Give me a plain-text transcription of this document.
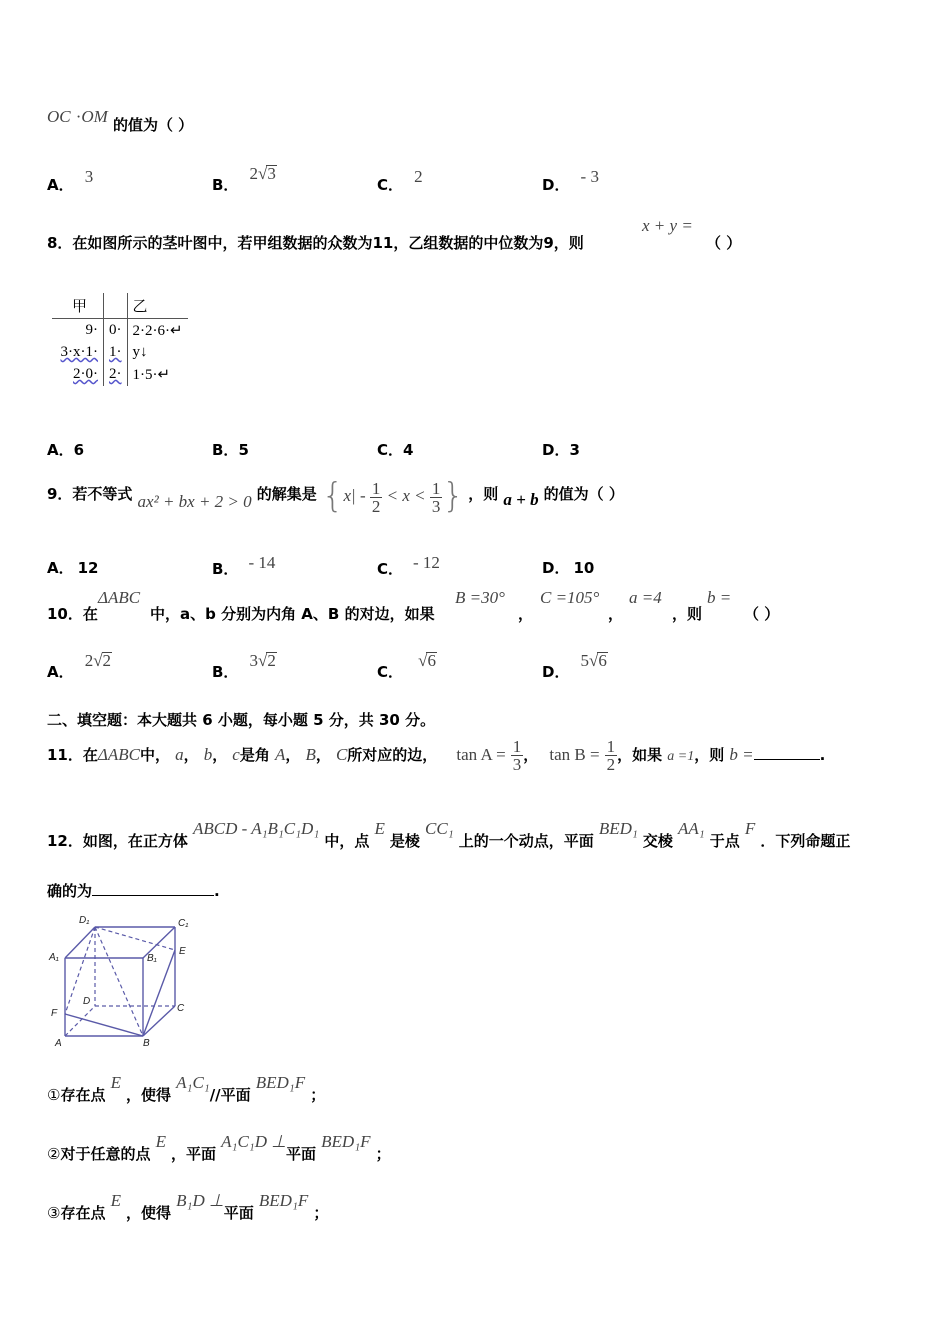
OC ·OM 的值为（ ）
A． 3	B． 2√3
C． 2	D． - 3
8．在如图所示的茎叶图中，若甲组数据的众数为11，乙组数据的中位数为9，则
x + y =
（ ）
甲		乙
9·	0·	2·2·6·↵
3·x·1·	1·	y↓
2·0·	2·	1·5·↵
A．6	B．5	C．4	D．3
9．若不等式 ax² + bx + 2 > 0 的解集是 {$x| - \frac{1}{2} < x < \frac{1}{3}$ } ，则 a + b 的值为（ ）
A． 12	B． - 14	C． - 12	D． 10
10．在
ΔABC
中，a、b 分别为内角 A、B 的对边，如果
B =30°
，
C =105°
，
a =4
，则
b =
（ ）
A． 2√2
B． 3√2
C． √6
D． 5√6
二、填空题：本大题共 6 小题，每小题 5 分，共 30 分。
11．在ΔABC中， a， b， c是角 A， B， C所对应的边， $\tan A = \frac{1}{3}$ ， $\tan B = \frac{1}{2}$ ，如果 a =1，则 b =	.
12．如图，在正方体 ABCD - A₁B₁C₁D₁ 中，点 E 是棱 CC₁ 上的一个动点，平面 BED₁ 交棱 AA₁ 于点 F ．下列命题正
确的为	.
D₁	C₁
A₁	B₁
E
D
C
F
A	B
①存在点 E ，使得 A₁C₁//平面 BED₁F ；
②对于任意的点 E ，平面 A₁C₁D ⊥平面 BED₁F ；
③存在点 E ，使得 B₁D ⊥平面 BED₁F ；
